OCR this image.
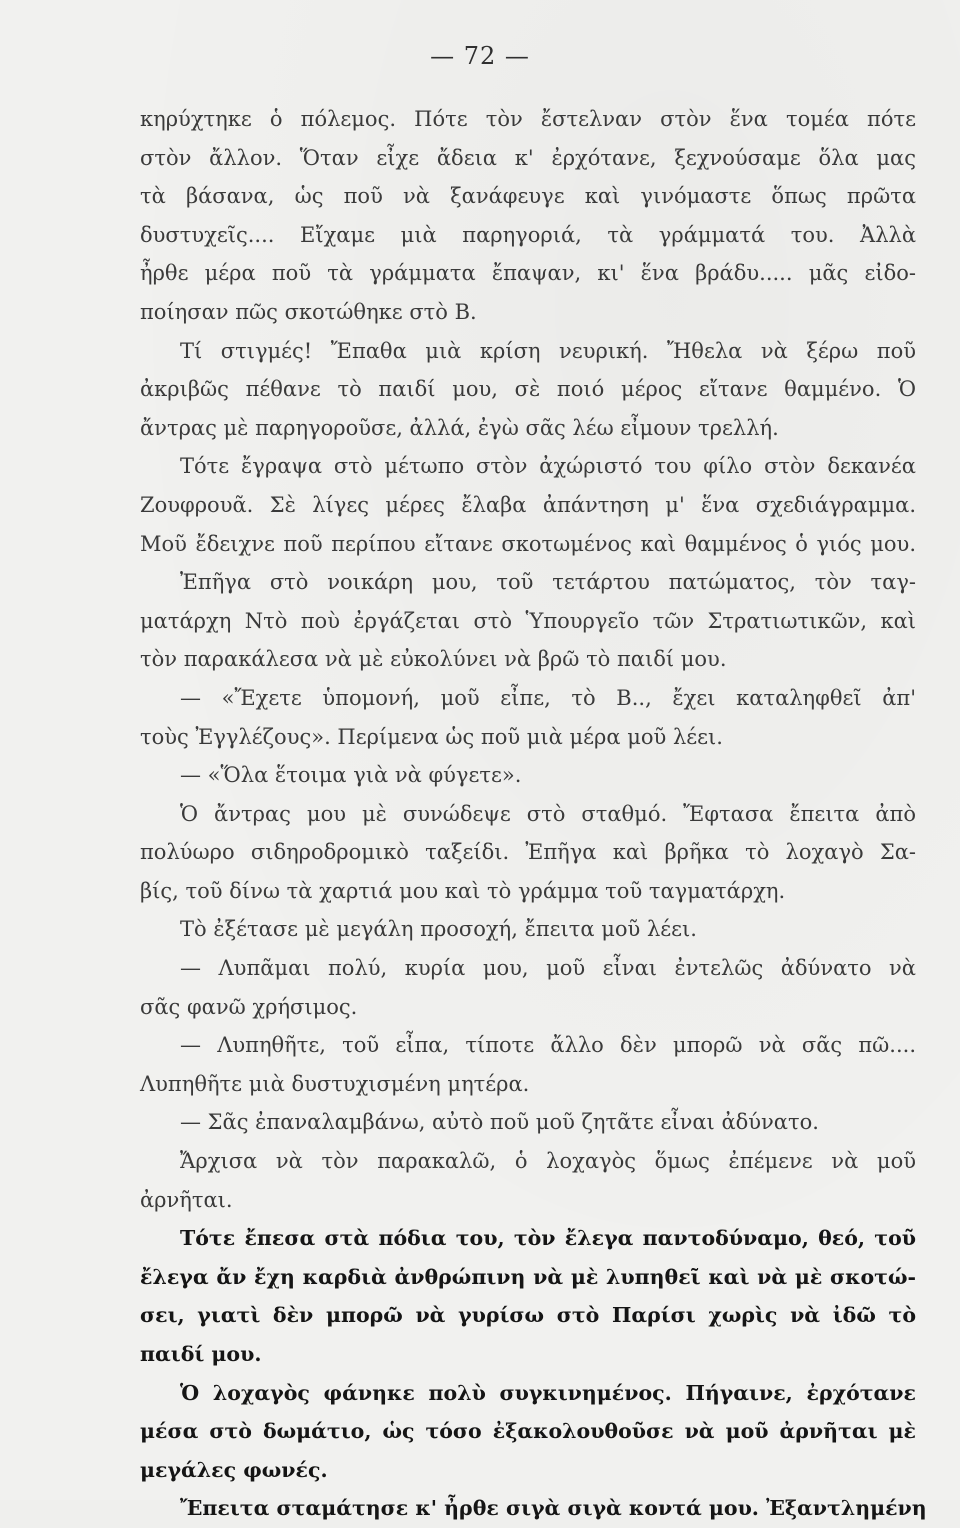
— 72 —
κηρύχτηκε ὁ πόλεμος. Πότε τὸν ἔστελναν στὸν ἕνα τομέα πότε
στὸν ἄλλον. Ὅταν εἶχε ἄδεια κ' ἐρχότανε, ξεχνούσαμε ὅλα μας
τὰ βάσανα, ὡς ποῦ νὰ ξανάφευγε καὶ γινόμαστε ὅπως πρῶτα
δυστυχεῖς.... Εἴχαμε μιὰ παρηγοριά, τὰ γράμματά του. Ἀλλὰ
ἦρθε μέρα ποῦ τὰ γράμματα ἔπαψαν, κι' ἕνα βράδυ..... μᾶς εἰδο-
ποίησαν πῶς σκοτώθηκε στὸ Β.
Τί στιγμές! Ἔπαθα μιὰ κρίση νευρική. Ἤθελα νὰ ξέρω ποῦ
ἀκριβῶς πέθανε τὸ παιδί μου, σὲ ποιό μέρος εἴτανε θαμμένο. Ὁ
ἄντρας μὲ παρηγοροῦσε, ἀλλά, ἐγὼ σᾶς λέω εἶμουν τρελλή.
Τότε ἔγραψα στὸ μέτωπο στὸν ἀχώριστό του φίλο στὸν δεκανέα
Ζουφρουᾶ. Σὲ λίγες μέρες ἔλαβα ἀπάντηση μ' ἕνα σχεδιάγραμμα.
Μοῦ ἔδειχνε ποῦ περίπου εἴτανε σκοτωμένος καὶ θαμμένος ὁ γιός μου.
Ἐπῆγα στὸ νοικάρη μου, τοῦ τετάρτου πατώματος, τὸν ταγ-
ματάρχη Ντὸ ποὺ ἐργάζεται στὸ Ὑπουργεῖο τῶν Στρατιωτικῶν, καὶ
τὸν παρακάλεσα νὰ μὲ εὐκολύνει νὰ βρῶ τὸ παιδί μου.
— «Ἔχετε ὑπομονή, μοῦ εἶπε, τὸ Β.., ἔχει καταληφθεῖ ἀπ'
τοὺς Ἐγγλέζους». Περίμενα ὡς ποῦ μιὰ μέρα μοῦ λέει.
— «Ὅλα ἕτοιμα γιὰ νὰ φύγετε».
Ὁ ἄντρας μου μὲ συνώδεψε στὸ σταθμό. Ἔφτασα ἔπειτα ἀπὸ
πολύωρο σιδηροδρομικὸ ταξείδι. Ἐπῆγα καὶ βρῆκα τὸ λοχαγὸ Σα-
βίς, τοῦ δίνω τὰ χαρτιά μου καὶ τὸ γράμμα τοῦ ταγματάρχη.
Τὸ ἐξέτασε μὲ μεγάλη προσοχή, ἔπειτα μοῦ λέει.
— Λυπᾶμαι πολύ, κυρία μου, μοῦ εἶναι ἐντελῶς ἀδύνατο νὰ
σᾶς φανῶ χρήσιμος.
— Λυπηθῆτε, τοῦ εἶπα, τίποτε ἄλλο δὲν μπορῶ νὰ σᾶς πῶ....
Λυπηθῆτε μιὰ δυστυχισμένη μητέρα.
— Σᾶς ἐπαναλαμβάνω, αὐτὸ ποῦ μοῦ ζητᾶτε εἶναι ἀδύνατο.
Ἄρχισα νὰ τὸν παρακαλῶ, ὁ λοχαγὸς ὅμως ἐπέμενε νὰ μοῦ
ἀρνῆται.
Τότε ἔπεσα στὰ πόδια του, τὸν ἔλεγα παντοδύναμο, θεό, τοῦ
ἔλεγα ἄν ἔχη καρδιὰ ἀνθρώπινη νὰ μὲ λυπηθεῖ καὶ νὰ μὲ σκοτώ-
σει, γιατὶ δὲν μπορῶ νὰ γυρίσω στὸ Παρίσι χωρὶς νὰ ἰδῶ τὸ
παιδί μου.
Ὁ λοχαγὸς φάνηκε πολὺ συγκινημένος. Πήγαινε, ἐρχότανε
μέσα στὸ δωμάτιο, ὡς τόσο ἐξακολουθοῦσε νὰ μοῦ ἀρνῆται μὲ
μεγάλες φωνές.
Ἔπειτα σταμάτησε κ' ἦρθε σιγὰ σιγὰ κοντά μου. Ἐξαντλημένη
